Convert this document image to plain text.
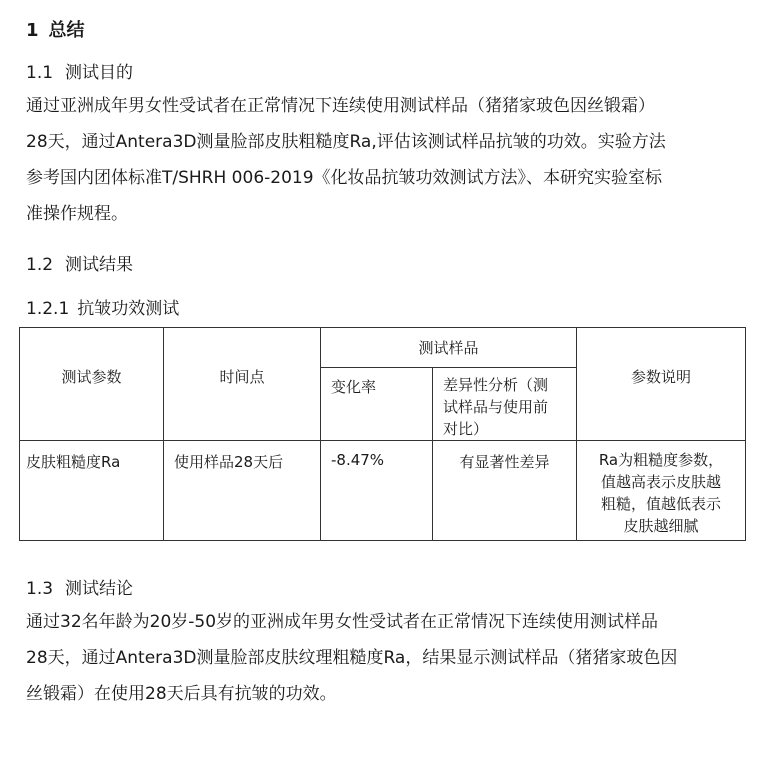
1 总结
1.1 测试目的
通过亚洲成年男女性受试者在正常情况下连续使用测试样品（猪猪家玻色因丝锻霜）
28天，通过Antera3D测量脸部皮肤粗糙度Ra,评估该测试样品抗皱的功效。实验方法
参考国内团体标准T/SHRH 006-2019《化妆品抗皱功效测试方法》、本研究实验室标
准操作规程。
1.2 测试结果
1.2.1 抗皱功效测试
测试参数	时间点	测试样品		参数说明

		变化率	差异性分析（测
试样品与使用前
对比）	

皮肤粗糙度Ra	使用样品28天后	-8.47%	有显著性差异	Ra为粗糙度参数，
值越高表示皮肤越
粗糙，值越低表示
皮肤越细腻
1.3 测试结论
通过32名年龄为20岁-50岁的亚洲成年男女性受试者在正常情况下连续使用测试样品
28天，通过Antera3D测量脸部皮肤纹理粗糙度Ra，结果显示测试样品（猪猪家玻色因
丝锻霜）在使用28天后具有抗皱的功效。
